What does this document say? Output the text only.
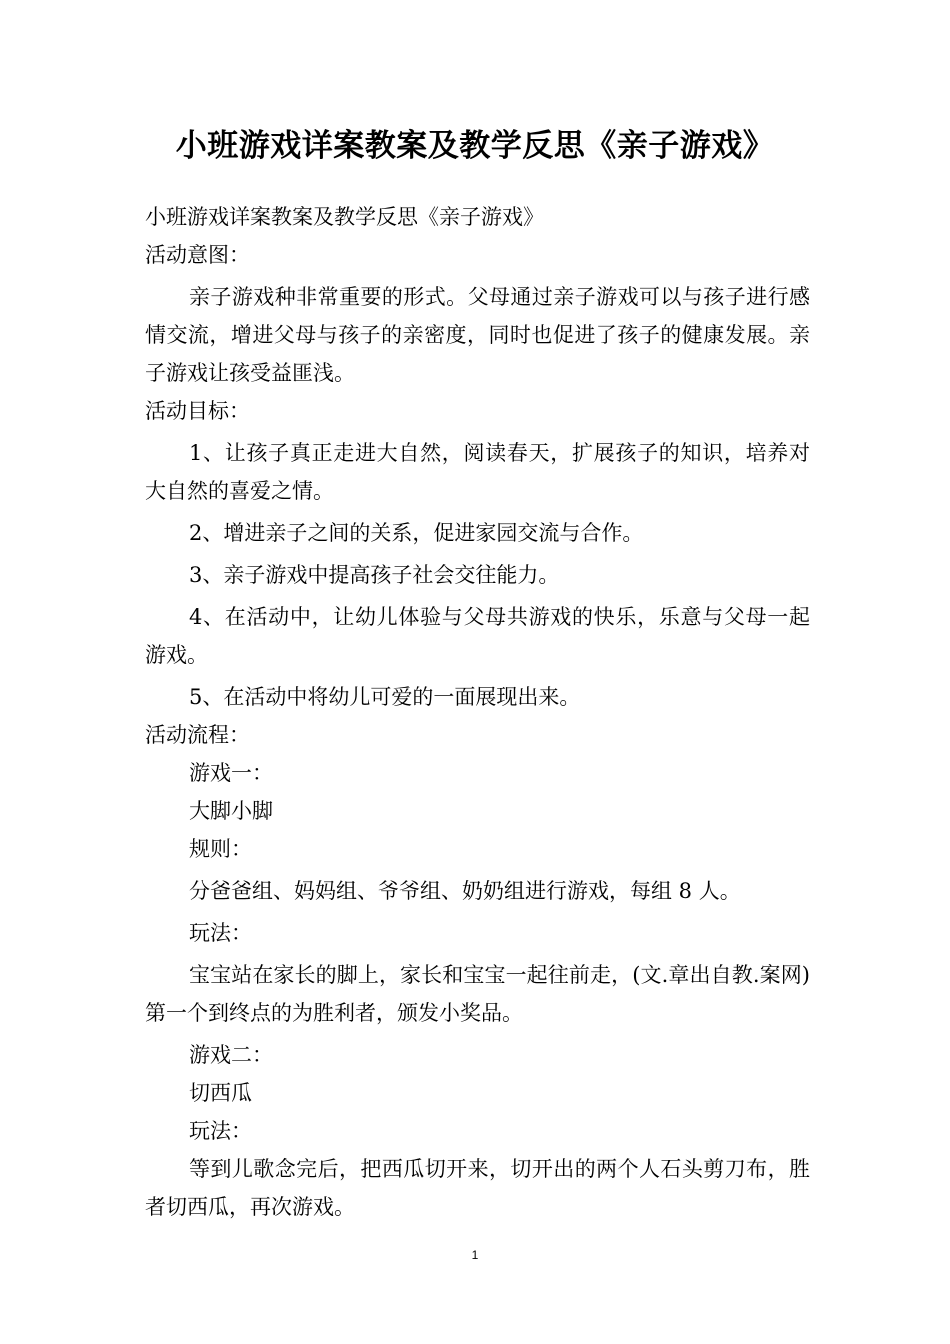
小班游戏详案教案及教学反思《亲子游戏》

小班游戏详案教案及教学反思《亲子游戏》

活动意图：

亲子游戏种非常重要的形式。父母通过亲子游戏可以与孩子进行感情交流，增进父母与孩子的亲密度，同时也促进了孩子的健康发展。亲子游戏让孩受益匪浅。

活动目标：

1、让孩子真正走进大自然，阅读春天，扩展孩子的知识，培养对大自然的喜爱之情。

2、增进亲子之间的关系，促进家园交流与合作。

3、亲子游戏中提高孩子社会交往能力。

4、在活动中，让幼儿体验与父母共游戏的快乐，乐意与父母一起游戏。

5、在活动中将幼儿可爱的一面展现出来。

活动流程：

游戏一：

大脚小脚

规则：

分爸爸组、妈妈组、爷爷组、奶奶组进行游戏，每组 8 人。

玩法：

宝宝站在家长的脚上，家长和宝宝一起往前走，(文.章出自教.案网)第一个到终点的为胜利者，颁发小奖品。

游戏二：

切西瓜

玩法：

等到儿歌念完后，把西瓜切开来，切开出的两个人石头剪刀布，胜者切西瓜，再次游戏。

1
